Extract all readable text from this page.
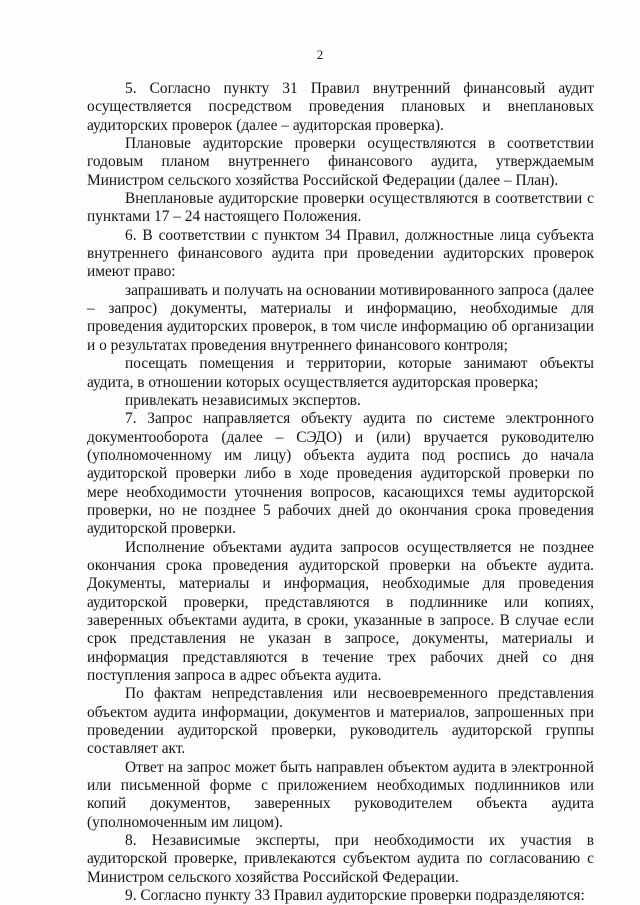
2

5. Согласно пункту 31 Правил внутренний финансовый аудит осуществляется посредством проведения плановых и внеплановых аудиторских проверок (далее – аудиторская проверка).

Плановые аудиторские проверки осуществляются в соответствии годовым планом внутреннего финансового аудита, утверждаемым Министром сельского хозяйства Российской Федерации (далее – План).

Внеплановые аудиторские проверки осуществляются в соответствии с пунктами 17 – 24 настоящего Положения.

6. В соответствии с пунктом 34 Правил, должностные лица субъекта внутреннего финансового аудита при проведении аудиторских проверок имеют право:

запрашивать и получать на основании мотивированного запроса (далее – запрос) документы, материалы и информацию, необходимые для проведения аудиторских проверок, в том числе информацию об организации и о результатах проведения внутреннего финансового контроля;

посещать помещения и территории, которые занимают объекты аудита, в отношении которых осуществляется аудиторская проверка;

привлекать независимых экспертов.

7. Запрос направляется объекту аудита по системе электронного документооборота (далее – СЭДО) и (или) вручается руководителю (уполномоченному им лицу) объекта аудита под роспись до начала аудиторской проверки либо в ходе проведения аудиторской проверки по мере необходимости уточнения вопросов, касающихся темы аудиторской проверки, но не позднее 5 рабочих дней до окончания срока проведения аудиторской проверки.

Исполнение объектами аудита запросов осуществляется не позднее окончания срока проведения аудиторской проверки на объекте аудита. Документы, материалы и информация, необходимые для проведения аудиторской проверки, представляются в подлиннике или копиях, заверенных объектами аудита, в сроки, указанные в запросе. В случае если срок представления не указан в запросе, документы, материалы и информация представляются в течение трех рабочих дней со дня поступления запроса в адрес объекта аудита.

По фактам непредставления или несвоевременного представления объектом аудита информации, документов и материалов, запрошенных при проведении аудиторской проверки, руководитель аудиторской группы составляет акт.

Ответ на запрос может быть направлен объектом аудита в электронной или письменной форме с приложением необходимых подлинников или копий документов, заверенных руководителем объекта аудита (уполномоченным им лицом).

8. Независимые эксперты, при необходимости их участия в аудиторской проверке, привлекаются субъектом аудита по согласованию с Министром сельского хозяйства Российской Федерации.

9. Согласно пункту 33 Правил аудиторские проверки подразделяются:
